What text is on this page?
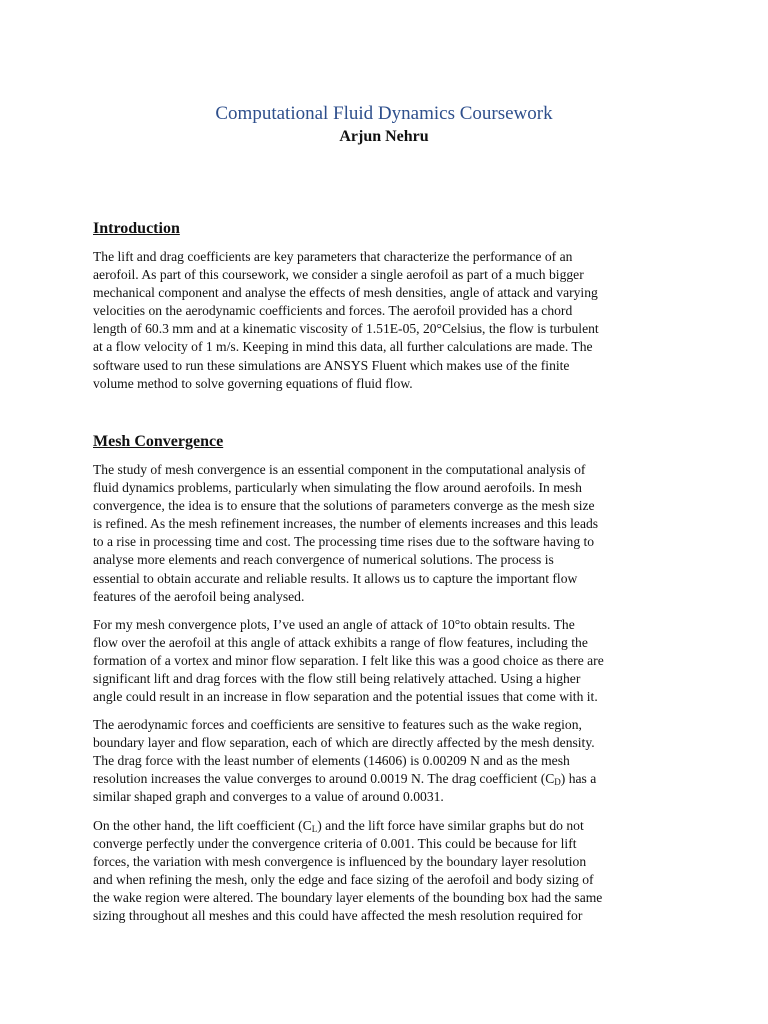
Computational Fluid Dynamics Coursework
Arjun Nehru
Introduction
The lift and drag coefficients are key parameters that characterize the performance of an
aerofoil. As part of this coursework, we consider a single aerofoil as part of a much bigger
mechanical component and analyse the effects of mesh densities, angle of attack and varying
velocities on the aerodynamic coefficients and forces. The aerofoil provided has a chord
length of 60.3 mm and at a kinematic viscosity of 1.51E-05, 20°Celsius, the flow is turbulent
at a flow velocity of 1 m/s. Keeping in mind this data, all further calculations are made. The
software used to run these simulations are ANSYS Fluent which makes use of the finite
volume method to solve governing equations of fluid flow.
Mesh Convergence
The study of mesh convergence is an essential component in the computational analysis of
fluid dynamics problems, particularly when simulating the flow around aerofoils. In mesh
convergence, the idea is to ensure that the solutions of parameters converge as the mesh size
is refined. As the mesh refinement increases, the number of elements increases and this leads
to a rise in processing time and cost. The processing time rises due to the software having to
analyse more elements and reach convergence of numerical solutions. The process is
essential to obtain accurate and reliable results. It allows us to capture the important flow
features of the aerofoil being analysed.
For my mesh convergence plots, I’ve used an angle of attack of 10°to obtain results. The
flow over the aerofoil at this angle of attack exhibits a range of flow features, including the
formation of a vortex and minor flow separation. I felt like this was a good choice as there are
significant lift and drag forces with the flow still being relatively attached. Using a higher
angle could result in an increase in flow separation and the potential issues that come with it.
The aerodynamic forces and coefficients are sensitive to features such as the wake region,
boundary layer and flow separation, each of which are directly affected by the mesh density.
The drag force with the least number of elements (14606) is 0.00209 N and as the mesh
resolution increases the value converges to around 0.0019 N. The drag coefficient $(C_D)$ has a
similar shaped graph and converges to a value of around 0.0031.
On the other hand, the lift coefficient $(C_L)$ and the lift force have similar graphs but do not
converge perfectly under the convergence criteria of 0.001. This could be because for lift
forces, the variation with mesh convergence is influenced by the boundary layer resolution
and when refining the mesh, only the edge and face sizing of the aerofoil and body sizing of
the wake region were altered. The boundary layer elements of the bounding box had the same
sizing throughout all meshes and this could have affected the mesh resolution required for
